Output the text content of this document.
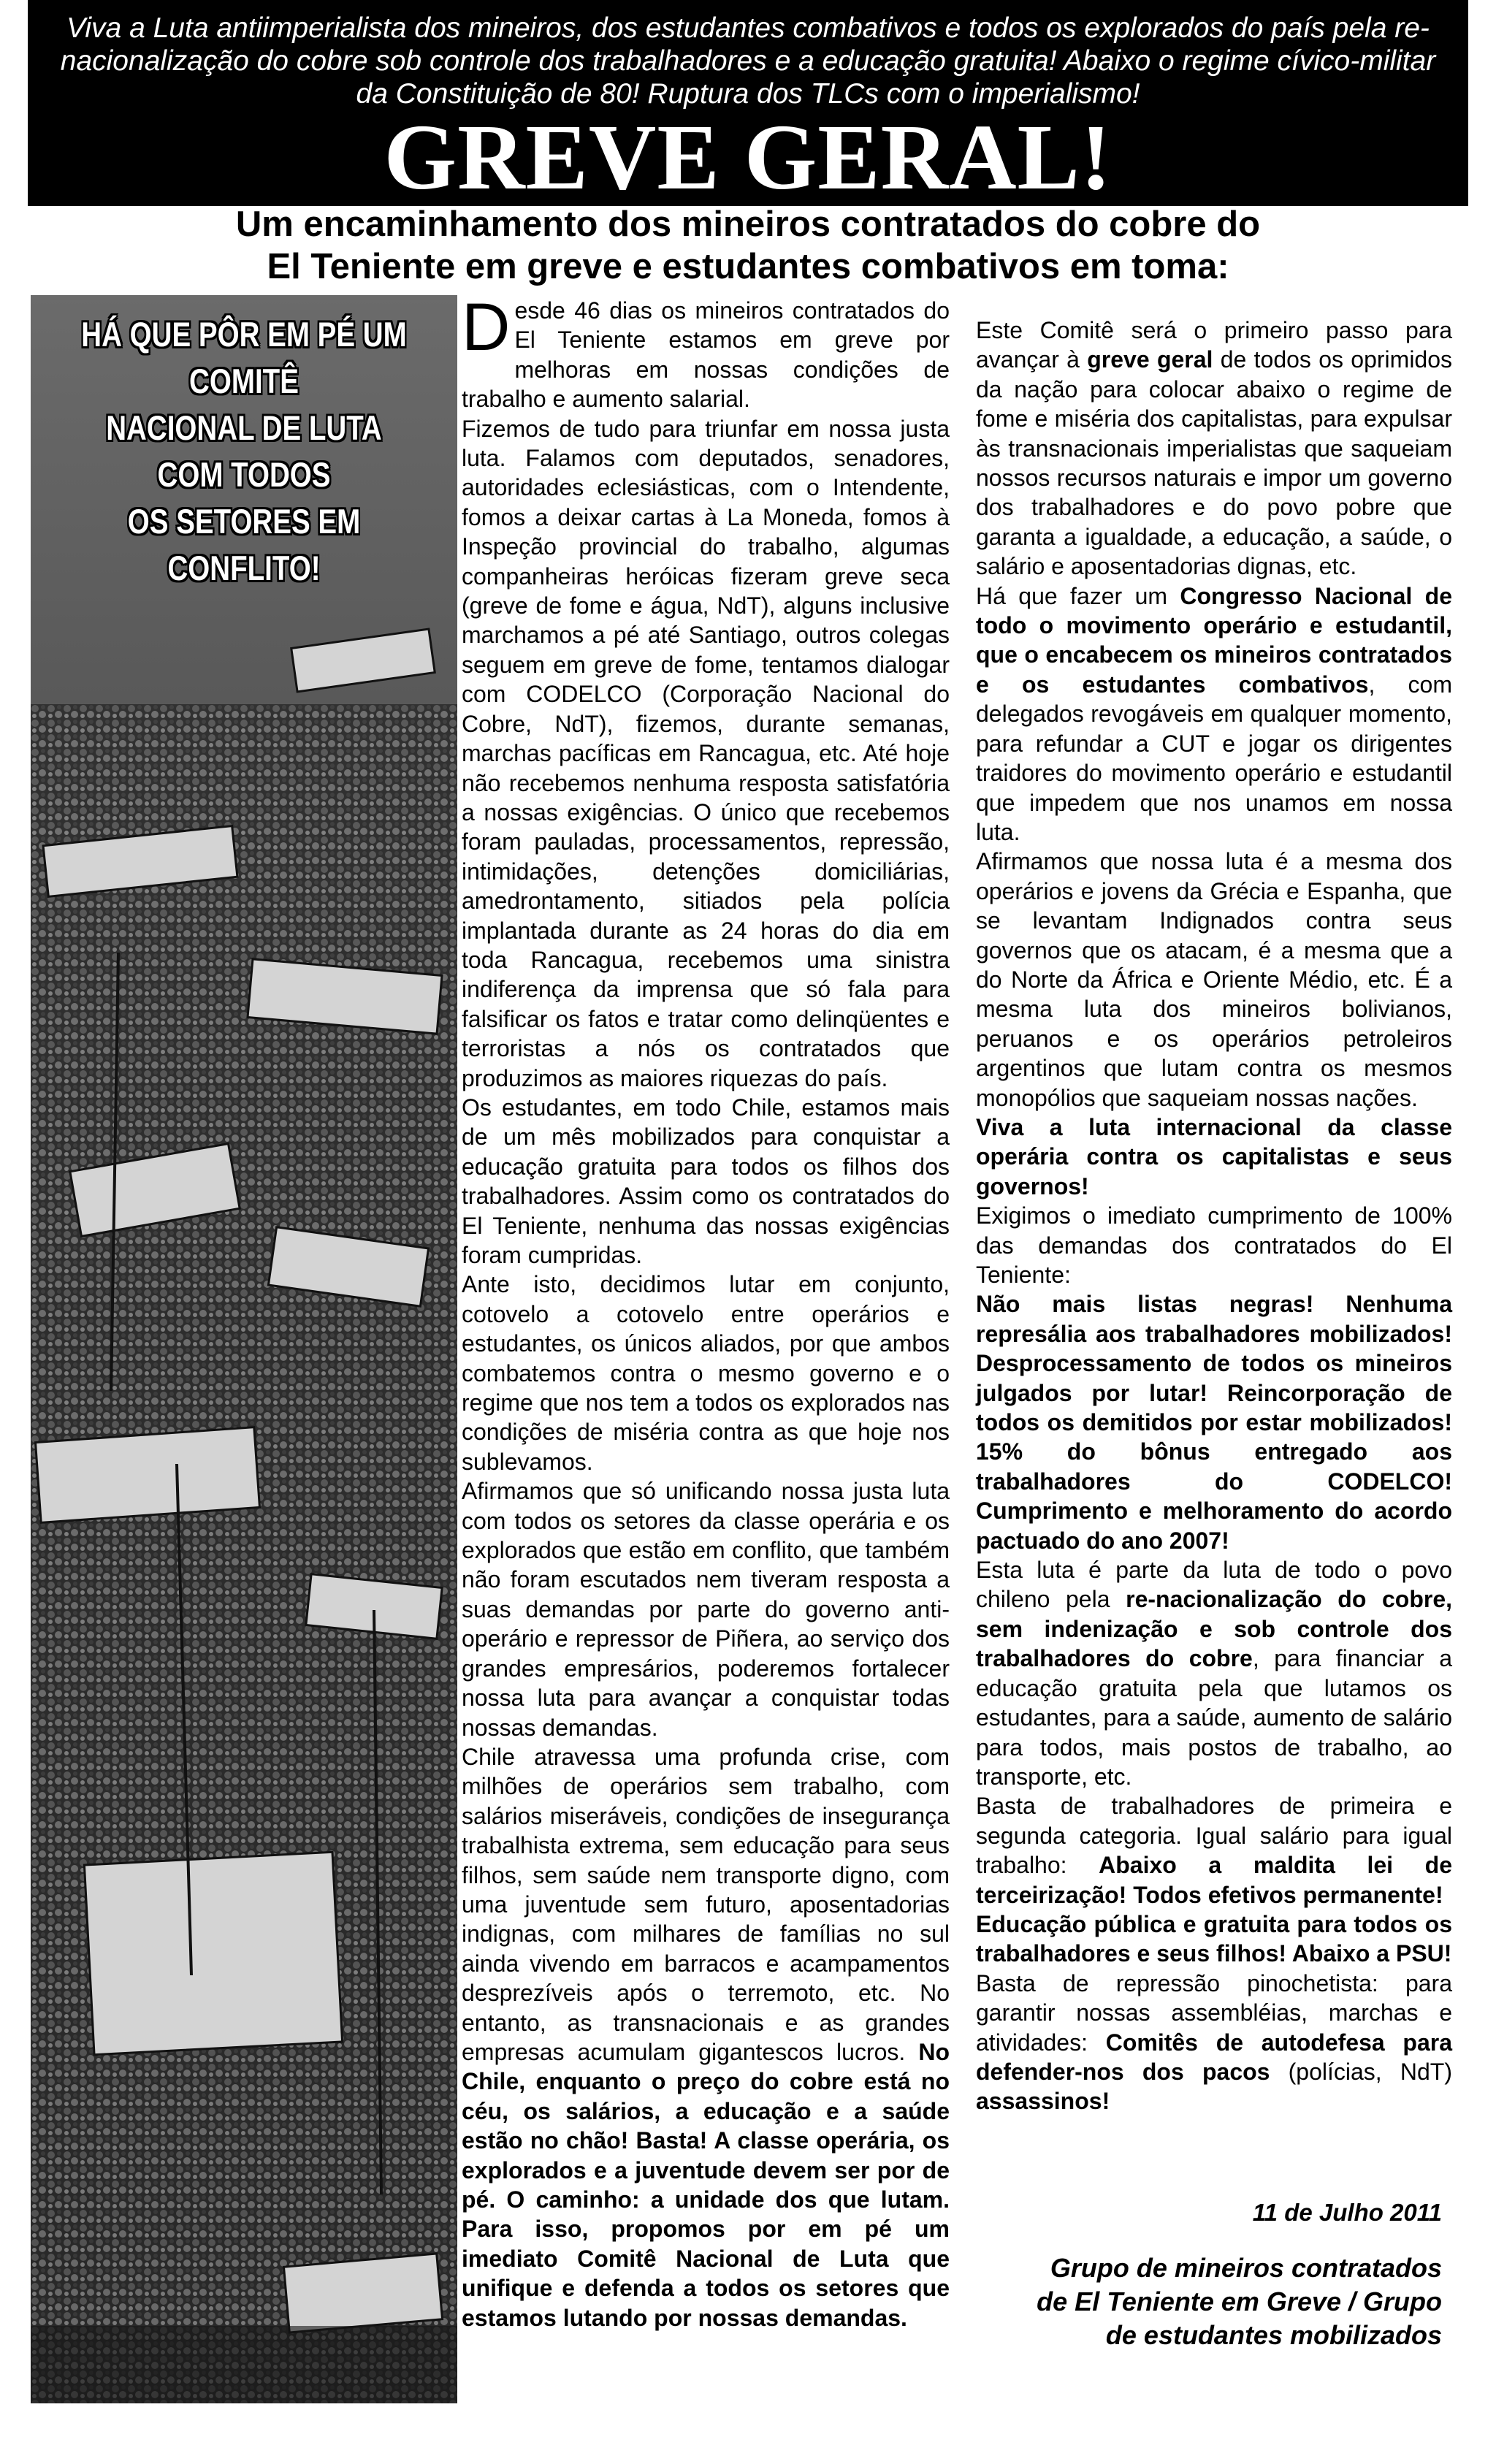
Viva a Luta antiimperialista dos mineiros, dos estudantes combativos e todos os explorados do país pela re-nacionalização do cobre sob controle dos trabalhadores e a educação gratuita! Abaixo o regime cívico-militar da Constituição de 80! Ruptura dos TLCs com o imperialismo!

GREVE GERAL!
Um encaminhamento dos mineiros contratados do cobre do
El Teniente em greve e estudantes combativos em toma:

HÁ QUE PÔR EM PÉ UM COMITÊ
NACIONAL DE LUTA
COM TODOS
OS SETORES EM CONFLITO!

Desde 46 dias os mineiros contratados do El Teniente estamos em greve por melhoras em nossas condições de trabalho e aumento salarial.

Fizemos de tudo para triunfar em nossa justa luta. Falamos com deputados, senadores, autoridades eclesiásticas, com o Intendente, fomos a deixar cartas à La Moneda, fomos à Inspeção provincial do trabalho, algumas companheiras heróicas fizeram greve seca (greve de fome e água, NdT), alguns inclusive marchamos a pé até Santiago, outros colegas seguem em greve de fome, tentamos dialogar com CODELCO (Corporação Nacional do Cobre, NdT), fizemos, durante semanas, marchas pacíficas em Rancagua, etc. Até hoje não recebemos nenhuma resposta satisfatória a nossas exigências. O único que recebemos foram pauladas, processamentos, repressão, intimidações, detenções domiciliárias, amedrontamento, sitiados pela polícia implantada durante as 24 horas do dia em toda Rancagua, recebemos uma sinistra indiferença da imprensa que só fala para falsificar os fatos e tratar como delinqüentes e terroristas a nós os contratados que produzimos as maiores riquezas do país.

Os estudantes, em todo Chile, estamos mais de um mês mobilizados para conquistar a educação gratuita para todos os filhos dos trabalhadores. Assim como os contratados do El Teniente, nenhuma das nossas exigências foram cumpridas.

Ante isto, decidimos lutar em conjunto, cotovelo a cotovelo entre operários e estudantes, os únicos aliados, por que ambos combatemos contra o mesmo governo e o regime que nos tem a todos os explorados nas condições de miséria contra as que hoje nos sublevamos.

Afirmamos que só unificando nossa justa luta com todos os setores da classe operária e os explorados que estão em conflito, que também não foram escutados nem tiveram resposta a suas demandas por parte do governo anti-operário e repressor de Piñera, ao serviço dos grandes empresários, poderemos fortalecer nossa luta para avançar a conquistar todas nossas demandas.

Chile atravessa uma profunda crise, com milhões de operários sem trabalho, com salários miseráveis, condições de insegurança trabalhista extrema, sem educação para seus filhos, sem saúde nem transporte digno, com uma juventude sem futuro, aposentadorias indignas, com milhares de famílias no sul ainda vivendo em barracos e acampamentos desprezíveis após o terremoto, etc. No entanto, as transnacionais e as grandes empresas acumulam gigantescos lucros. No Chile, enquanto o preço do cobre está no céu, os salários, a educação e a saúde estão no chão! Basta! A classe operária, os explorados e a juventude devem ser por de pé. O caminho: a unidade dos que lutam. Para isso, propomos por em pé um imediato Comitê Nacional de Luta que unifique e defenda a todos os setores que estamos lutando por nossas demandas.

Este Comitê será o primeiro passo para avançar à greve geral de todos os oprimidos da nação para colocar abaixo o regime de fome e miséria dos capitalistas, para expulsar às transnacionais imperialistas que saqueiam nossos recursos naturais e impor um governo dos trabalhadores e do povo pobre que garanta a igualdade, a educação, a saúde, o salário e aposentadorias dignas, etc.

Há que fazer um Congresso Nacional de todo o movimento operário e estudantil, que o encabecem os mineiros contratados e os estudantes combativos, com delegados revogáveis em qualquer momento, para refundar a CUT e jogar os dirigentes traidores do movimento operário e estudantil que impedem que nos unamos em nossa luta.

Afirmamos que nossa luta é a mesma dos operários e jovens da Grécia e Espanha, que se levantam Indignados contra seus governos que os atacam, é a mesma que a do Norte da África e Oriente Médio, etc. É a mesma luta dos mineiros bolivianos, peruanos e os operários petroleiros argentinos que lutam contra os mesmos monopólios que saqueiam nossas nações.

Viva a luta internacional da classe operária contra os capitalistas e seus governos!

Exigimos o imediato cumprimento de 100% das demandas dos contratados do El Teniente:

Não mais listas negras! Nenhuma represália aos trabalhadores mobilizados! Desprocessamento de todos os mineiros julgados por lutar! Reincorporação de todos os demitidos por estar mobilizados! 15% do bônus entregado aos trabalhadores do CODELCO! Cumprimento e melhoramento do acordo pactuado do ano 2007!

Esta luta é parte da luta de todo o povo chileno pela re-nacionalização do cobre, sem indenização e sob controle dos trabalhadores do cobre, para financiar a educação gratuita pela que lutamos os estudantes, para a saúde, aumento de salário para todos, mais postos de trabalho, ao transporte, etc.

Basta de trabalhadores de primeira e segunda categoria. Igual salário para igual trabalho: Abaixo a maldita lei de terceirização! Todos efetivos permanente!

Educação pública e gratuita para todos os trabalhadores e seus filhos! Abaixo a PSU!

Basta de repressão pinochetista: para garantir nossas assembléias, marchas e atividades: Comitês de autodefesa para defender-nos dos pacos (polícias, NdT) assassinos!

11 de Julho 2011

Grupo de mineiros contratados
de El Teniente em Greve / Grupo
de estudantes mobilizados
